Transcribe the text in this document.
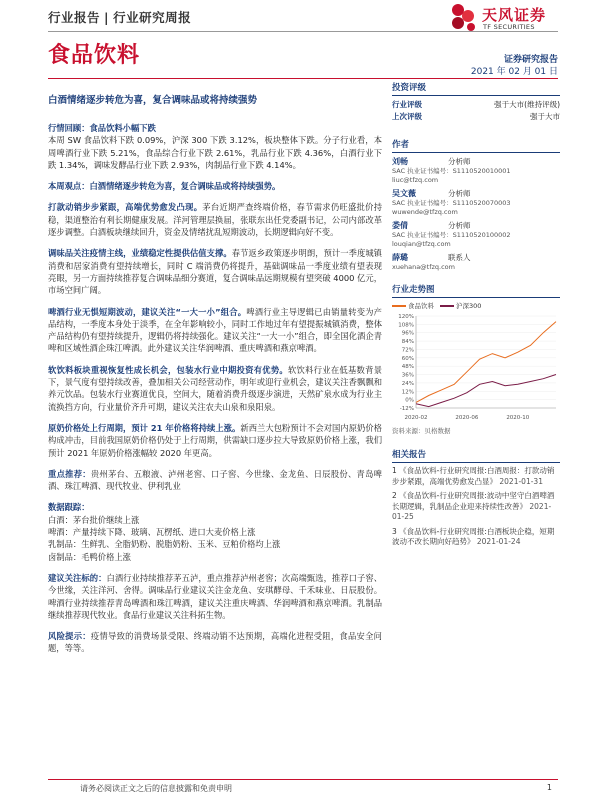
行业报告 | 行业研究周报	天风证券
TF SECURITIES
食品饮料	证券研究报告
2021 年 02 月 01 日
白酒情绪逐步转危为喜，复合调味品或将持续强势

行情回顾：食品饮料小幅下跌

本周 SW 食品饮料下跌 0.09%，沪深 300 下跌 3.12%，板块整体下跌。分子行业看，本周啤酒行业下跌 5.21%，食品综合行业下跌 2.61%，乳品行业下跌 4.36%，白酒行业下跌 1.34%，调味发酵品行业下跌 2.93%，肉制品行业下跌 4.14%。

本周观点：白酒情绪逐步转危为喜，复合调味品或将持续强势。

打款动销步步紧跟，高端优势愈发凸现。茅台近期严查终端价格，春节需求仍旺盛批价持稳，渠道整治有利长期健康发展。洋河管理层换届，张联东出任党委副书记，公司内部改革逐步调整。白酒板块继续回升，资金及情绪扰乱短期波动，长期逻辑向好不变。

调味品关注疫情主线，业绩稳定性提供估值支撑。春节返乡政策逐步明朗，预计一季度城镇消费和居家消费有望持续增长，同时 C 端消费仍将提升，基础调味品一季度业绩有望表现亮眼，另一方面持续推荐复合调味品细分赛道，复合调味品远期规模有望突破 4000 亿元，市场空间广阔。

啤酒行业无惧短期波动，建议关注“一大一小”组合。啤酒行业主导逻辑已由销量转变为产品结构，一季度本身处于淡季，在全年影响较小，同时工作地过年有望提振城镇消费，整体产品结构仍有望持续提升，逻辑仍将持续强化。建议关注“一大一小”组合，即全国化酒企青啤和区域性酒企珠江啤酒。此外建议关注华润啤酒、重庆啤酒和燕京啤酒。

软饮料板块重视恢复性成长机会，包装水行业中期投资有优势。软饮料行业在低基数背景下，景气度有望持续改善，叠加相关公司经营动作，明年或迎行业机会，建议关注香飘飘和养元饮品。包装水行业赛道优良，空间大，随着消费升级逐步演进，天然矿泉水成为行业主流换挡方向，行业量价齐升可期，建议关注农夫山泉和泉阳泉。

原奶价格处上行周期，预计 21 年价格将持续上涨。新西兰大包粉预计不会对国内原奶价格构成冲击，目前我国原奶价格仍处于上行周期，供需缺口逐步拉大导致原奶价格上涨，我们预计 2021 年原奶价格涨幅较 2020 年更高。

重点推荐：贵州茅台、五粮液、泸州老窖、口子窖、今世缘、金龙鱼、日辰股份、青岛啤酒、珠江啤酒、现代牧业、伊利乳业

数据跟踪：
白酒：茅台批价继续上涨
啤酒：产量持续下降、玻璃、瓦楞纸、进口大麦价格上涨
乳制品：生鲜乳、全脂奶粉、脱脂奶粉、玉米、豆粕价格均上涨
卤制品：毛鸭价格上涨

建议关注标的：白酒行业持续推荐茅五泸，重点推荐泸州老窖；次高端甄选，推荐口子窖、今世缘，关注洋河、舍得。调味品行业建议关注金龙鱼、安琪酵母、千禾味业、日辰股份。啤酒行业持续推荐青岛啤酒和珠江啤酒，建议关注重庆啤酒、华润啤酒和燕京啤酒。乳制品继续推荐现代牧业。食品行业建议关注科拓生物。

风险提示：疫情导致的消费场景受限、终端动销不达预期，高端化进程受阻，食品安全问题，等等。

投资评级
行业评级	强于大市(维持评级)
上次评级	强于大市
作者
刘畅	分析师
SAC 执业证书编号：S1110520010001
liuc@tfzq.com
吴文薇	分析师
SAC 执业证书编号：S1110520070003
wuwende@tfzq.com
娄倩	分析师
SAC 执业证书编号：S1110520100002
louqian@tfzq.com
薛璐	联系人
xuehana@tfzq.com
行业走势图
食品饮料	沪深300
-12%
0%
12%
24%
36%
48%
60%
72%
84%
96%
108%
120%
2020-02	2020-06	2020-10
资料来源：贝格数据
相关报告
1 《食品饮料-行业研究周报:白酒周报：打款动销步步紧跟，高端优势愈发凸显》 2021-01-31
2 《食品饮料-行业研究周报:波动中坚守白酒啤酒长期逻辑，乳制品企业迎来持续性改善》 2021-01-25
3 《食品饮料-行业研究周报:白酒板块企稳，短期波动不改长期向好趋势》 2021-01-24
请务必阅读正文之后的信息披露和免责申明	1
